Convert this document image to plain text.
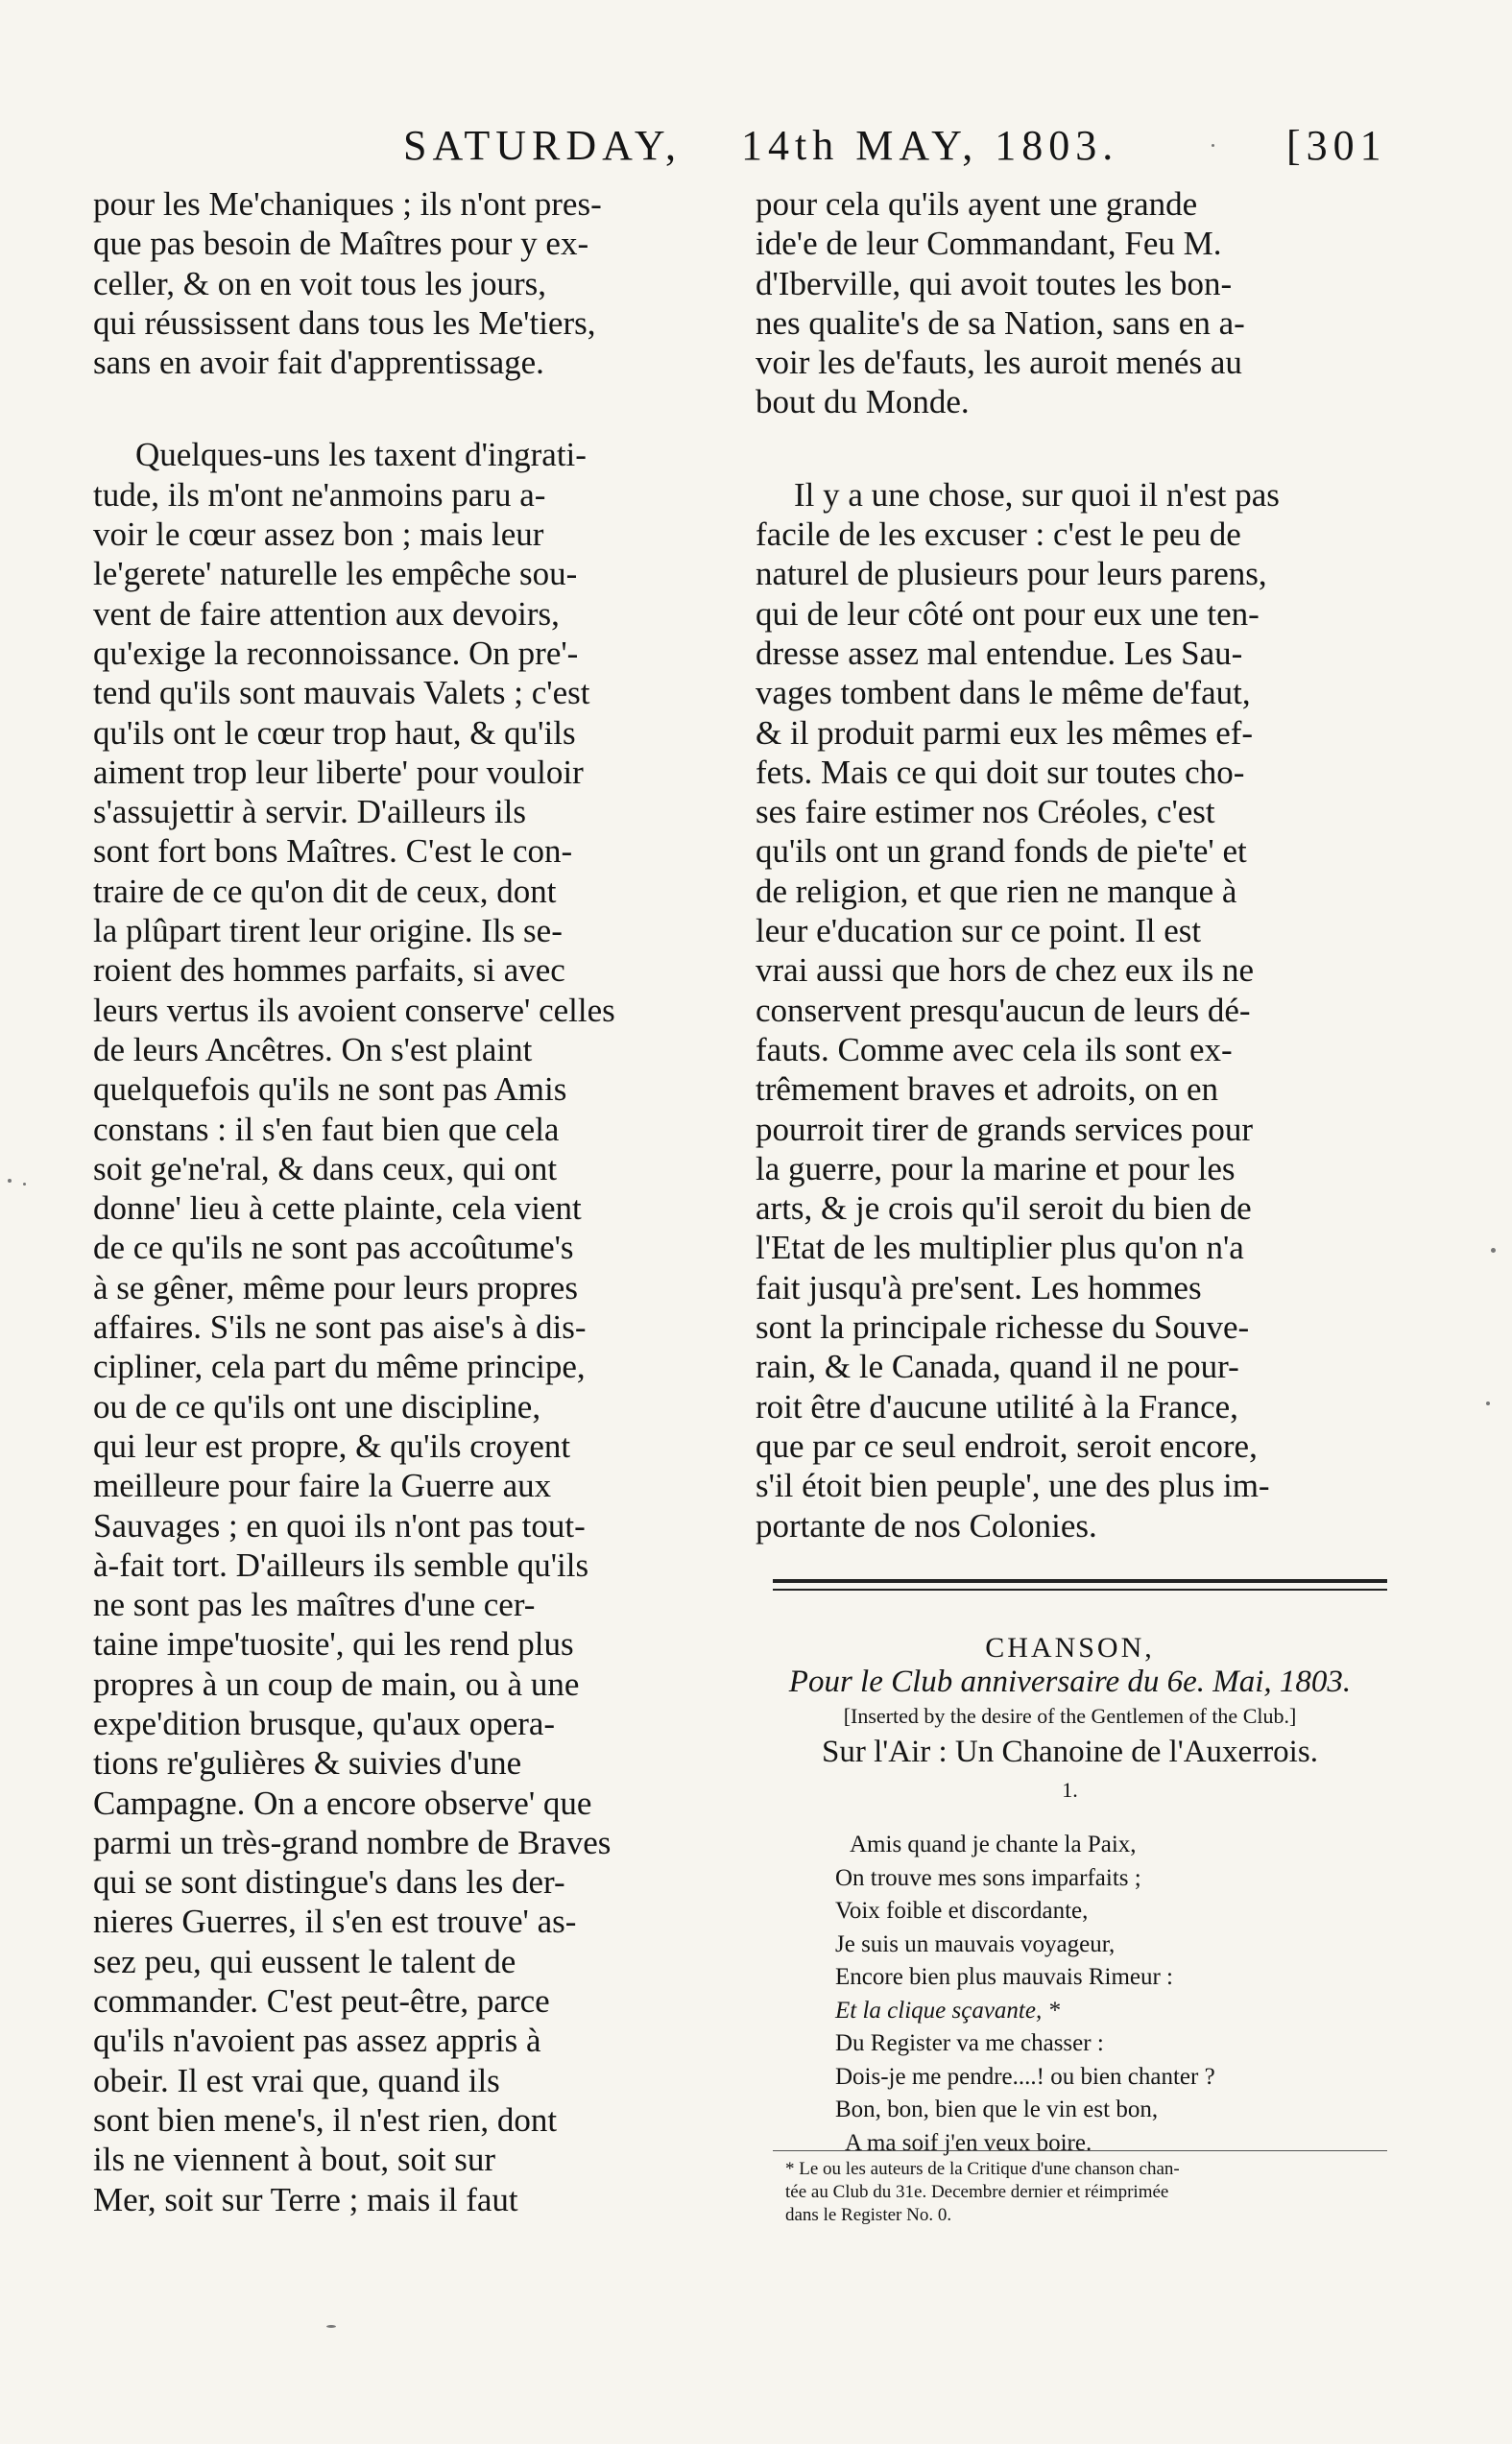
SATURDAY, 14th MAY, 1803.	[301
pour les Me'chaniques ; ils n'ont pres-
que pas besoin de Maîtres pour y ex-
celler, & on en voit tous les jours,
qui réussissent dans tous les Me'tiers,
sans en avoir fait d'apprentissage.
Quelques-uns les taxent d'ingrati-
tude, ils m'ont ne'anmoins paru a-
voir le cœur assez bon ; mais leur
le'gerete' naturelle les empêche sou-
vent de faire attention aux devoirs,
qu'exige la reconnoissance. On pre'-
tend qu'ils sont mauvais Valets ; c'est
qu'ils ont le cœur trop haut, & qu'ils
aiment trop leur liberte' pour vouloir
s'assujettir à servir. D'ailleurs ils
sont fort bons Maîtres. C'est le con-
traire de ce qu'on dit de ceux, dont
la plûpart tirent leur origine. Ils se-
roient des hommes parfaits, si avec
leurs vertus ils avoient conserve' celles
de leurs Ancêtres. On s'est plaint
quelquefois qu'ils ne sont pas Amis
constans : il s'en faut bien que cela
soit ge'ne'ral, & dans ceux, qui ont
donne' lieu à cette plainte, cela vient
de ce qu'ils ne sont pas accoûtume's
à se gêner, même pour leurs propres
affaires. S'ils ne sont pas aise's à dis-
cipliner, cela part du même principe,
ou de ce qu'ils ont une discipline,
qui leur est propre, & qu'ils croyent
meilleure pour faire la Guerre aux
Sauvages ; en quoi ils n'ont pas tout-
à-fait tort. D'ailleurs ils semble qu'ils
ne sont pas les maîtres d'une cer-
taine impe'tuosite', qui les rend plus
propres à un coup de main, ou à une
expe'dition brusque, qu'aux opera-
tions re'gulières & suivies d'une
Campagne. On a encore observe' que
parmi un très-grand nombre de Braves
qui se sont distingue's dans les der-
nieres Guerres, il s'en est trouve' as-
sez peu, qui eussent le talent de
commander. C'est peut-être, parce
qu'ils n'avoient pas assez appris à
obeir. Il est vrai que, quand ils
sont bien mene's, il n'est rien, dont
ils ne viennent à bout, soit sur
Mer, soit sur Terre ; mais il faut
pour cela qu'ils ayent une grande
ide'e de leur Commandant, Feu M.
d'Iberville, qui avoit toutes les bon-
nes qualite's de sa Nation, sans en a-
voir les de'fauts, les auroit menés au
bout du Monde.
Il y a une chose, sur quoi il n'est pas
facile de les excuser : c'est le peu de
naturel de plusieurs pour leurs parens,
qui de leur côté ont pour eux une ten-
dresse assez mal entendue. Les Sau-
vages tombent dans le même de'faut,
& il produit parmi eux les mêmes ef-
fets. Mais ce qui doit sur toutes cho-
ses faire estimer nos Créoles, c'est
qu'ils ont un grand fonds de pie'te' et
de religion, et que rien ne manque à
leur e'ducation sur ce point. Il est
vrai aussi que hors de chez eux ils ne
conservent presqu'aucun de leurs dé-
fauts. Comme avec cela ils sont ex-
trêmement braves et adroits, on en
pourroit tirer de grands services pour
la guerre, pour la marine et pour les
arts, & je crois qu'il seroit du bien de
l'Etat de les multiplier plus qu'on n'a
fait jusqu'à pre'sent. Les hommes
sont la principale richesse du Souve-
rain, & le Canada, quand il ne pour-
roit être d'aucune utilité à la France,
que par ce seul endroit, seroit encore,
s'il étoit bien peuple', une des plus im-
portante de nos Colonies.
CHANSON,
Pour le Club anniversaire du 6e. Mai, 1803.
[Inserted by the desire of the Gentlemen of the Club.]
Sur l'Air : Un Chanoine de l'Auxerrois.
1.
Amis quand je chante la Paix,
On trouve mes sons imparfaits ;
Voix foible et discordante,
Je suis un mauvais voyageur,
Encore bien plus mauvais Rimeur :
Et la clique sçavante, *
Du Register va me chasser :
Dois-je me pendre....! ou bien chanter ?
Bon, bon, bien que le vin est bon,
A ma soif j'en veux boire.
* Le ou les auteurs de la Critique d'une chanson chan-
tée au Club du 31e. Decembre dernier et réimprimée
dans le Register No. 0.
